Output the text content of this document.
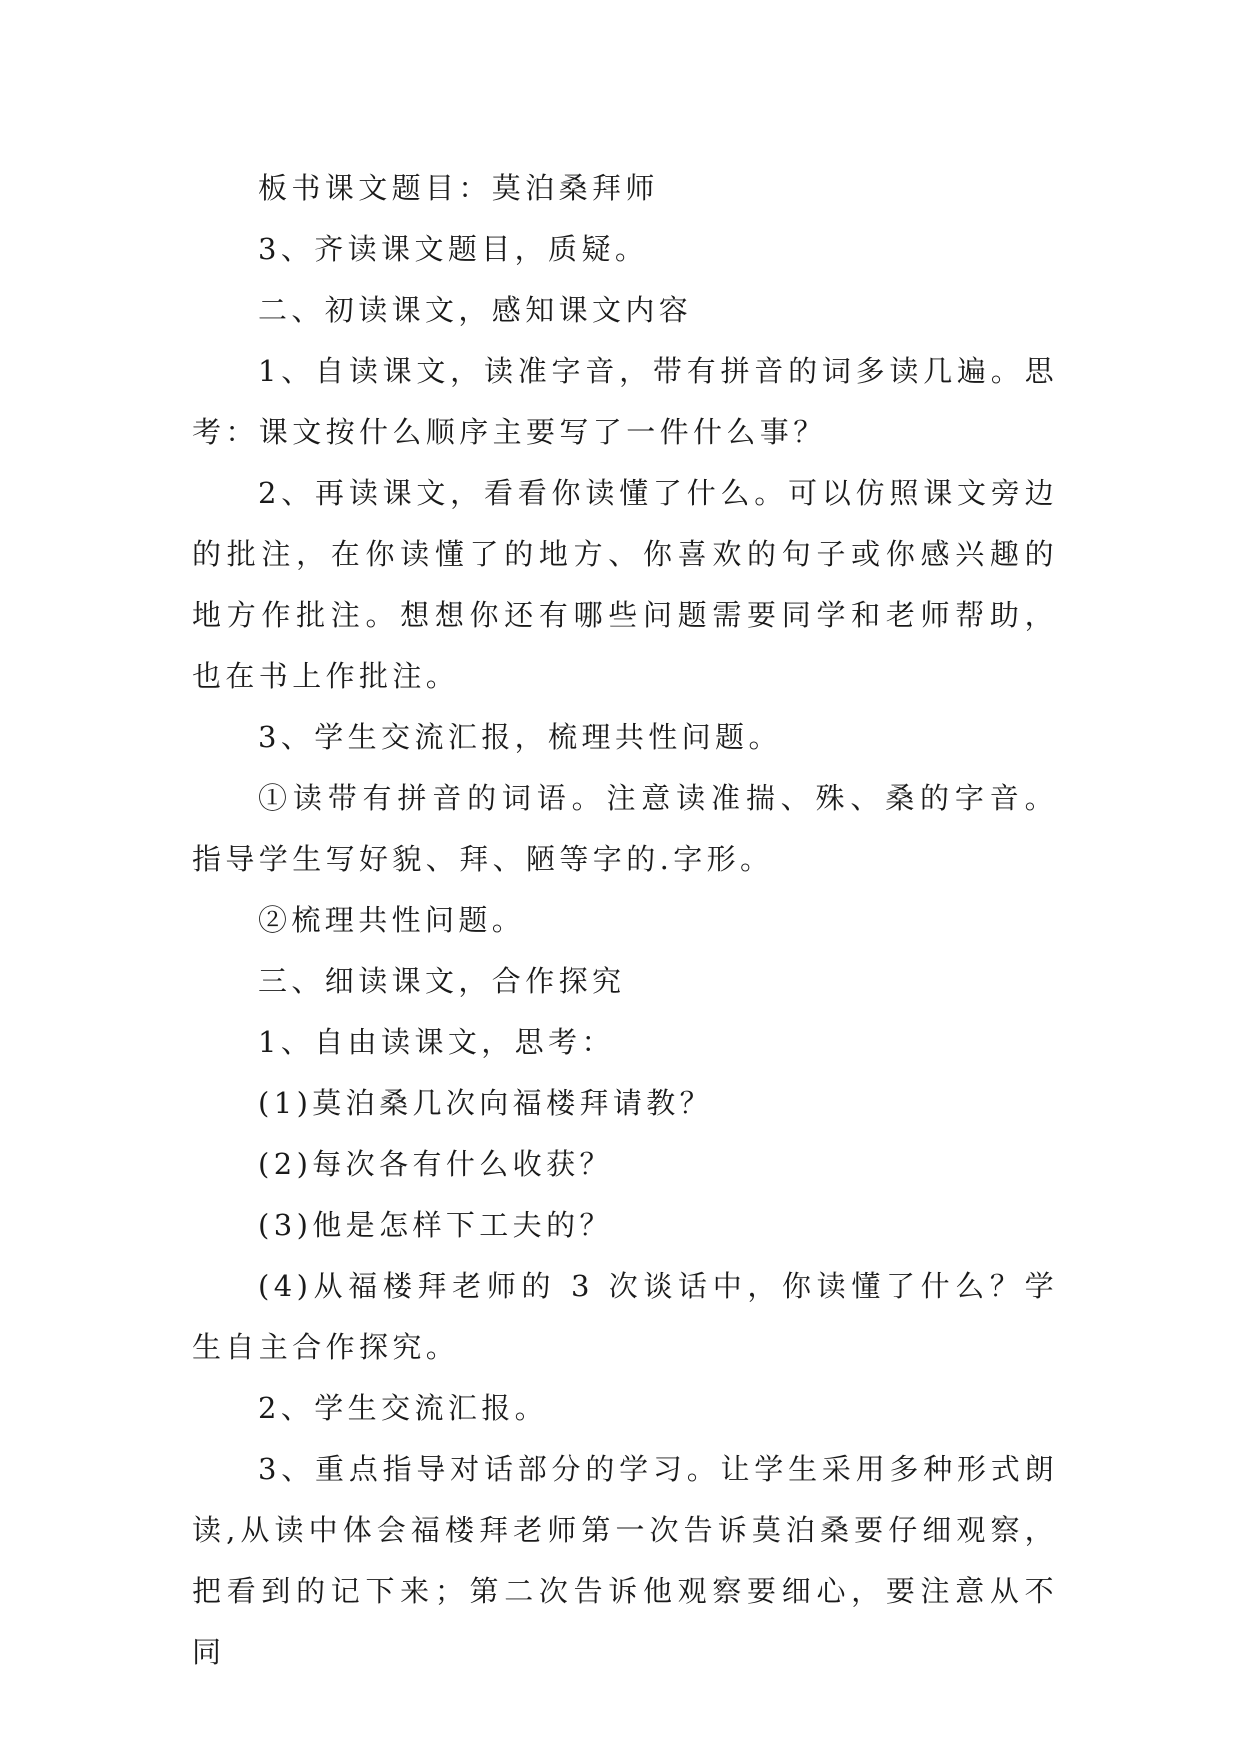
板书课文题目：莫泊桑拜师

3、齐读课文题目，质疑。

二、初读课文，感知课文内容

1、自读课文，读准字音，带有拼音的词多读几遍。思考：课文按什么顺序主要写了一件什么事？

2、再读课文，看看你读懂了什么。可以仿照课文旁边的批注，在你读懂了的地方、你喜欢的句子或你感兴趣的地方作批注。想想你还有哪些问题需要同学和老师帮助，也在书上作批注。

3、学生交流汇报，梳理共性问题。

①读带有拼音的词语。注意读准揣、殊、桑的字音。指导学生写好貌、拜、陋等字的.字形。

②梳理共性问题。

三、细读课文，合作探究

1、自由读课文，思考：

(1)莫泊桑几次向福楼拜请教？

(2)每次各有什么收获？

(3)他是怎样下工夫的？

(4)从福楼拜老师的 3 次谈话中，你读懂了什么？学生自主合作探究。

2、学生交流汇报。

3、重点指导对话部分的学习。让学生采用多种形式朗读,从读中体会福楼拜老师第一次告诉莫泊桑要仔细观察，把看到的记下来；第二次告诉他观察要细心，要注意从不同
